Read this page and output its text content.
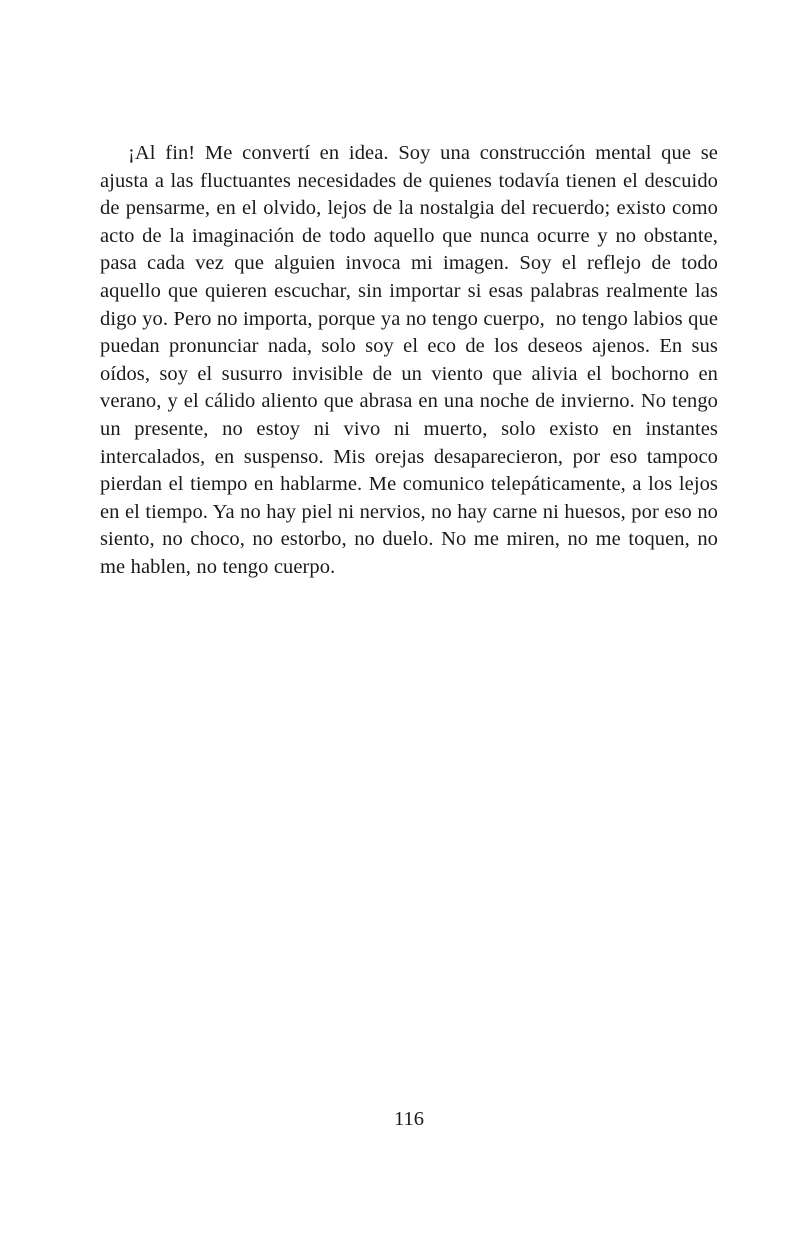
¡Al fin! Me convertí en idea. Soy una construcción mental que se ajusta a las fluctuantes necesidades de quienes todavía tienen el descuido de pensarme, en el olvido, lejos de la nostalgia del recuerdo; existo como acto de la imaginación de todo aquello que nunca ocurre y no obstante,  pasa cada vez que alguien invoca mi imagen. Soy el reflejo de todo aquello que quieren escuchar, sin importar si esas palabras realmente las digo yo. Pero no importa, porque ya no tengo cuerpo,  no tengo labios que puedan pronunciar nada, solo soy el eco de los deseos ajenos. En sus oídos, soy el susurro invisible de un viento que alivia el bochorno en verano, y el cálido aliento que abrasa en una noche de invierno. No tengo un presente, no estoy ni vivo ni muerto, solo existo en instantes intercalados, en suspenso. Mis orejas desaparecieron, por eso tampoco pierdan el tiempo en hablarme. Me comunico telepáticamente, a los lejos en el tiempo. Ya no hay piel ni nervios, no hay carne ni huesos, por eso no siento, no choco, no estorbo, no duelo. No me miren, no me toquen, no me hablen, no tengo cuerpo.

116
